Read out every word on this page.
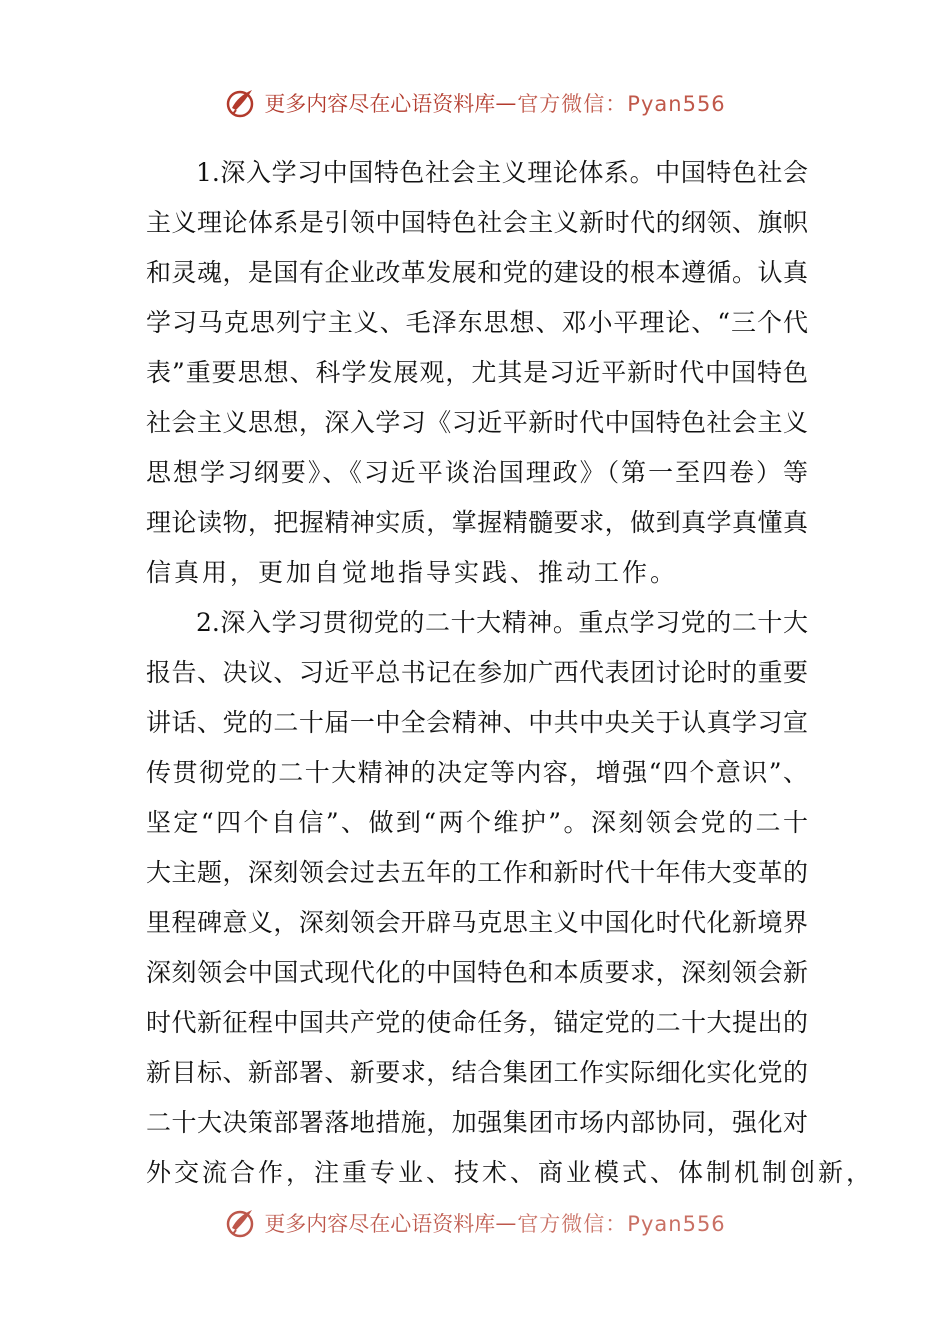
更多内容尽在心语资料库 — 官方微信：Pyan556
1.深入学习中国特色社会主义理论体系。中国特色社会
主义理论体系是引领中国特色社会主义新时代的纲领、旗帜
和灵魂，是国有企业改革发展和党的建设的根本遵循。认真
学习马克思列宁主义、毛泽东思想、邓小平理论、“三个代
表”重要思想、科学发展观，尤其是习近平新时代中国特色
社会主义思想，深入学习《习近平新时代中国特色社会主义
思想学习纲要》、《习近平谈治国理政》（第一至四卷）等
理论读物，把握精神实质，掌握精髓要求，做到真学真懂真
信真用，更加自觉地指导实践、推动工作。
2.深入学习贯彻党的二十大精神。重点学习党的二十大
报告、决议、习近平总书记在参加广西代表团讨论时的重要
讲话、党的二十届一中全会精神、中共中央关于认真学习宣
传贯彻党的二十大精神的决定等内容，增强“四个意识”、
坚定“四个自信”、做到“两个维护”。深刻领会党的二十
大主题，深刻领会过去五年的工作和新时代十年伟大变革的
里程碑意义，深刻领会开辟马克思主义中国化时代化新境界
深刻领会中国式现代化的中国特色和本质要求，深刻领会新
时代新征程中国共产党的使命任务，锚定党的二十大提出的
新目标、新部署、新要求，结合集团工作实际细化实化党的
二十大决策部署落地措施，加强集团市场内部协同，强化对
外交流合作，注重专业、技术、商业模式、体制机制创新，
更多内容尽在心语资料库 — 官方微信：Pyan556
